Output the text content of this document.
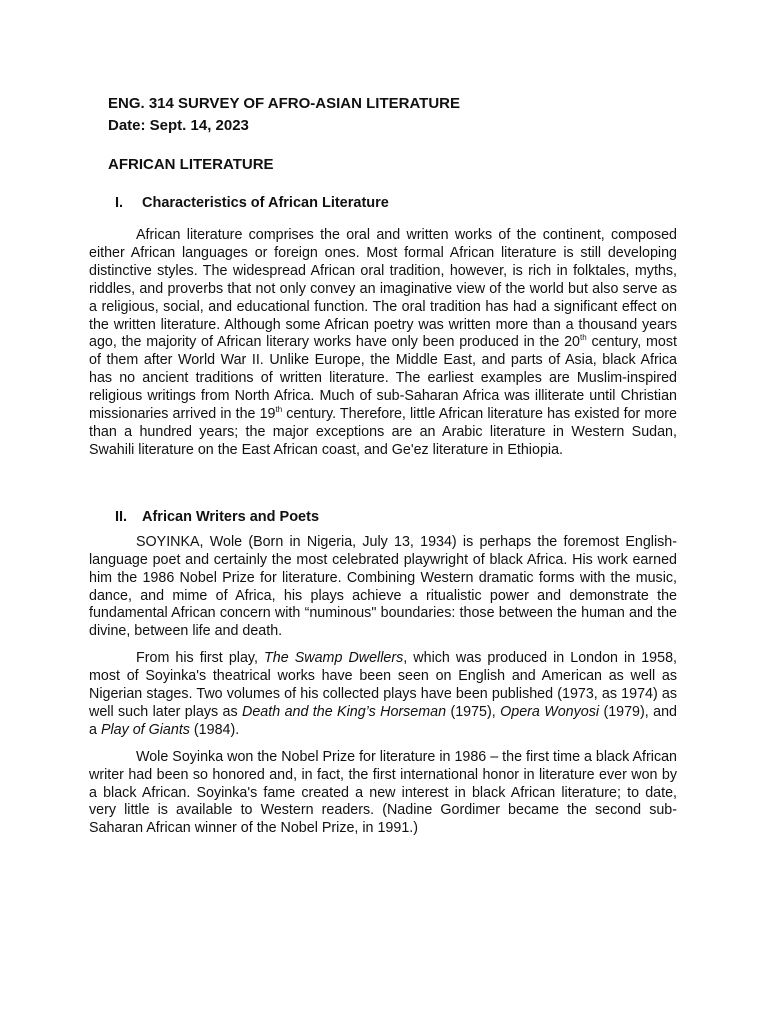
ENG. 314 SURVEY OF AFRO-ASIAN LITERATURE
Date: Sept. 14, 2023
AFRICAN LITERATURE
I.	Characteristics of African Literature

African literature comprises the oral and written works of the continent, composed either African languages or foreign ones. Most formal African literature is still developing distinctive styles. The widespread African oral tradition, however, is rich in folktales, myths, riddles, and proverbs that not only convey an imaginative view of the world but also serve as a religious, social, and educational function. The oral tradition has had a significant effect on the written literature. Although some African poetry was written more than a thousand years ago, the majority of African literary works have only been produced in the 20th century, most of them after World War II. Unlike Europe, the Middle East, and parts of Asia, black Africa has no ancient traditions of written literature. The earliest examples are Muslim-inspired religious writings from North Africa. Much of sub-Saharan Africa was illiterate until Christian missionaries arrived in the 19th century. Therefore, little African literature has existed for more than a hundred years; the major exceptions are an Arabic literature in Western Sudan, Swahili literature on the East African coast, and Ge'ez literature in Ethiopia.

II.	African Writers and Poets

SOYINKA, Wole (Born in Nigeria, July 13, 1934) is perhaps the foremost English-language poet and certainly the most celebrated playwright of black Africa. His work earned him the 1986 Nobel Prize for literature. Combining Western dramatic forms with the music, dance, and mime of Africa, his plays achieve a ritualistic power and demonstrate the fundamental African concern with “numinous" boundaries: those between the human and the divine, between life and death.

From his first play, The Swamp Dwellers, which was produced in London in 1958, most of Soyinka's theatrical works have been seen on English and American as well as Nigerian stages. Two volumes of his collected plays have been published (1973, as 1974) as well such later plays as Death and the King’s Horseman (1975), Opera Wonyosi (1979), and a Play of Giants (1984).

Wole Soyinka won the Nobel Prize for literature in 1986 – the first time a black African writer had been so honored and, in fact, the first international honor in literature ever won by a black African. Soyinka's fame created a new interest in black African literature; to date, very little is available to Western readers. (Nadine Gordimer became the second sub-Saharan African winner of the Nobel Prize, in 1991.)
